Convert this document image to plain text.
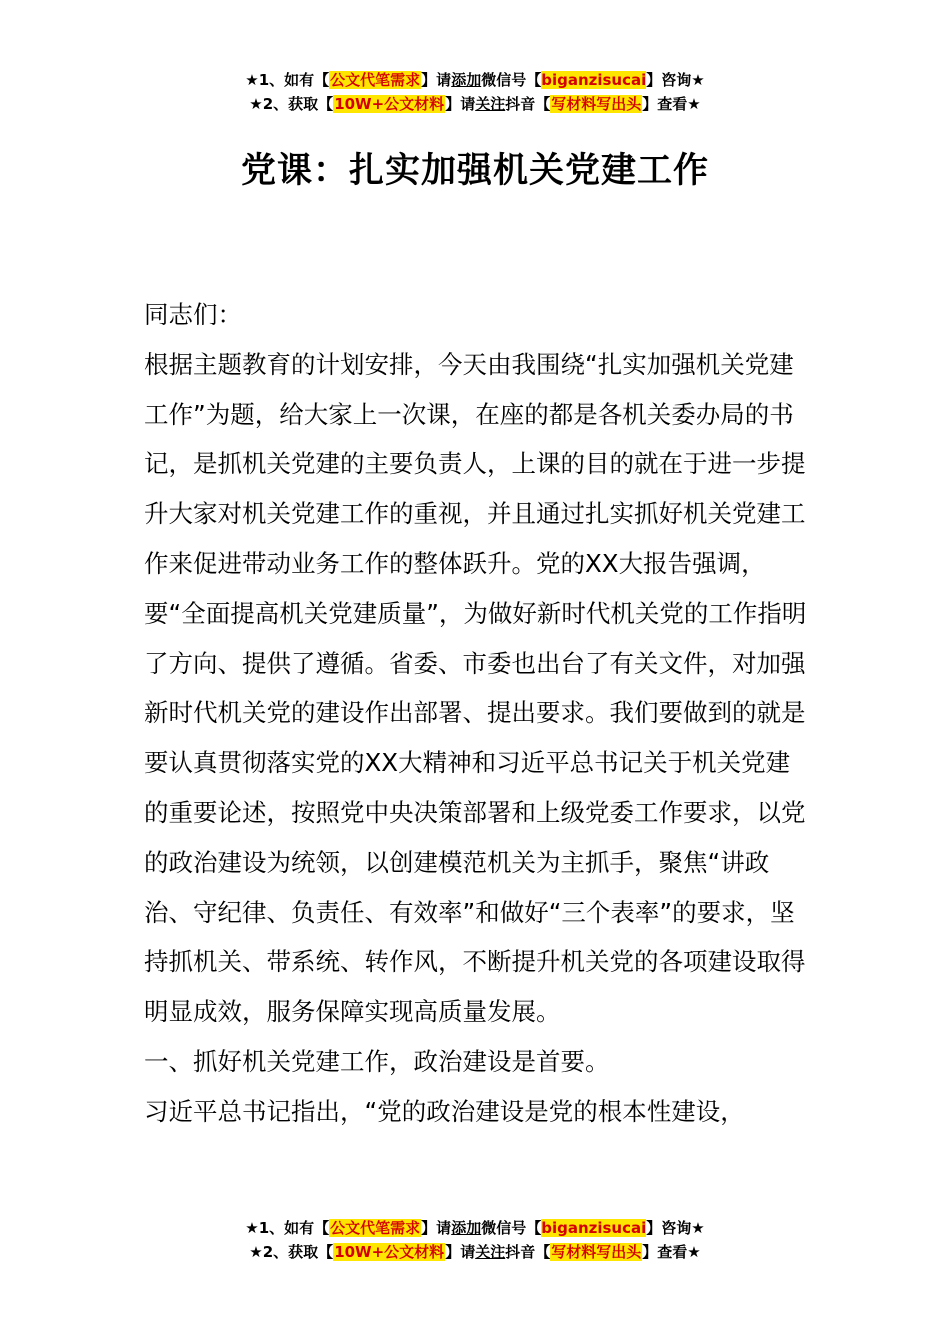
★1、如有【公文代笔需求】请添加微信号【biganzisucai】咨询★
★2、获取【10W+公文材料】请关注抖音【写材料写出头】查看★
党课：扎实加强机关党建工作

同志们：

根据主题教育的计划安排，今天由我围绕“扎实加强机关党建工作”为题，给大家上一次课，在座的都是各机关委办局的书记，是抓机关党建的主要负责人，上课的目的就在于进一步提升大家对机关党建工作的重视，并且通过扎实抓好机关党建工作来促进带动业务工作的整体跃升。党的XX大报告强调，要“全面提高机关党建质量”，为做好新时代机关党的工作指明了方向、提供了遵循。省委、市委也出台了有关文件，对加强新时代机关党的建设作出部署、提出要求。我们要做到的就是要认真贯彻落实党的XX大精神和习近平总书记关于机关党建的重要论述，按照党中央决策部署和上级党委工作要求，以党的政治建设为统领，以创建模范机关为主抓手，聚焦“讲政治、守纪律、负责任、有效率”和做好“三个表率”的要求，坚持抓机关、带系统、转作风，不断提升机关党的各项建设取得明显成效，服务保障实现高质量发展。

一、抓好机关党建工作，政治建设是首要。

习近平总书记指出，“党的政治建设是党的根本性建设，

★1、如有【公文代笔需求】请添加微信号【biganzisucai】咨询★
★2、获取【10W+公文材料】请关注抖音【写材料写出头】查看★
